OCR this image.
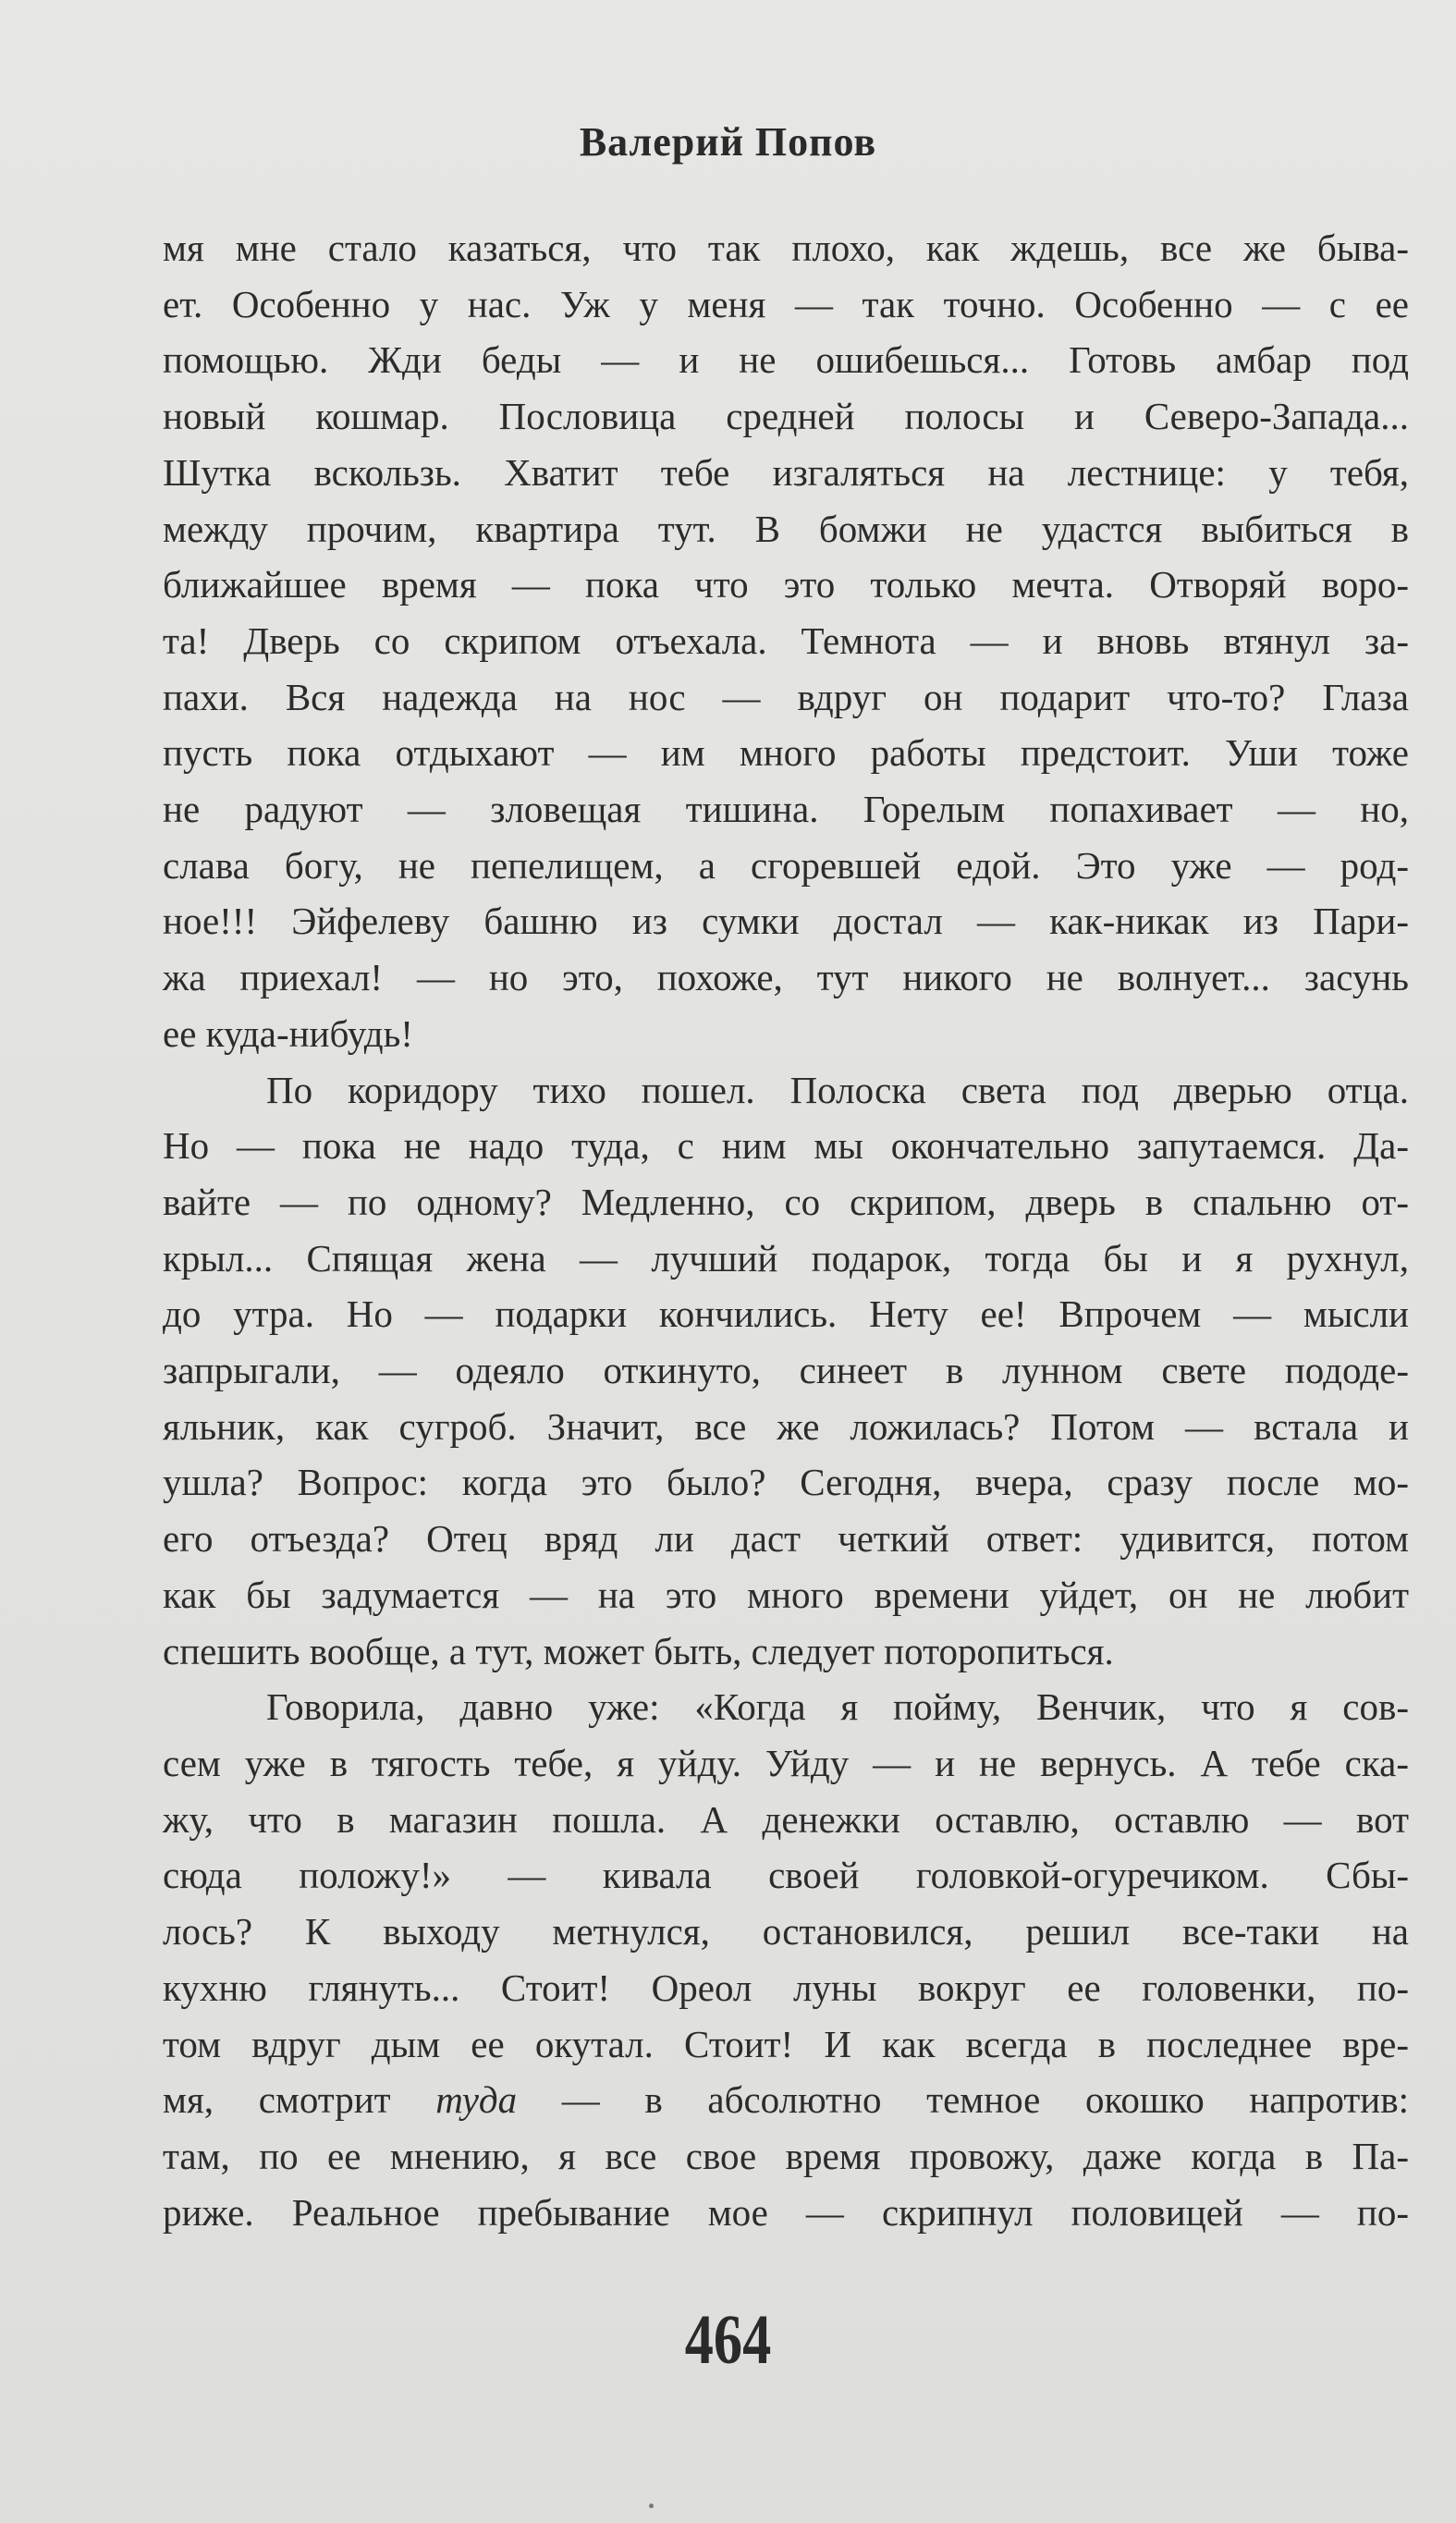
Валерий Попов

мя мне стало казаться, что так плохо, как ждешь, все же быва-
ет. Особенно у нас. Уж у меня — так точно. Особенно — с ее
помощью. Жди беды — и не ошибешься... Готовь амбар под
новый кошмар. Пословица средней полосы и Северо-Запада...
Шутка вскользь. Хватит тебе изгаляться на лестнице: у тебя,
между прочим, квартира тут. В бомжи не удастся выбиться в
ближайшее время — пока что это только мечта. Отворяй воро-
та! Дверь со скрипом отъехала. Темнота — и вновь втянул за-
пахи. Вся надежда на нос — вдруг он подарит что-то? Глаза
пусть пока отдыхают — им много работы предстоит. Уши тоже
не радуют — зловещая тишина. Горелым попахивает — но,
слава богу, не пепелищем, а сгоревшей едой. Это уже — род-
ное!!! Эйфелеву башню из сумки достал — как-никак из Пари-
жа приехал! — но это, похоже, тут никого не волнует... засунь
ее куда-нибудь!

По коридору тихо пошел. Полоска света под дверью отца.
Но — пока не надо туда, с ним мы окончательно запутаемся. Да-
вайте — по одному? Медленно, со скрипом, дверь в спальню от-
крыл... Спящая жена — лучший подарок, тогда бы и я рухнул,
до утра. Но — подарки кончились. Нету ее! Впрочем — мысли
запрыгали, — одеяло откинуто, синеет в лунном свете пододе-
яльник, как сугроб. Значит, все же ложилась? Потом — встала и
ушла? Вопрос: когда это было? Сегодня, вчера, сразу после мо-
его отъезда? Отец вряд ли даст четкий ответ: удивится, потом
как бы задумается — на это много времени уйдет, он не любит
спешить вообще, а тут, может быть, следует поторопиться.

Говорила, давно уже: «Когда я пойму, Венчик, что я сов-
сем уже в тягость тебе, я уйду. Уйду — и не вернусь. А тебе ска-
жу, что в магазин пошла. А денежки оставлю, оставлю — вот
сюда положу!» — кивала своей головкой-огуречиком. Сбы-
лось? К выходу метнулся, остановился, решил все-таки на
кухню глянуть... Стоит! Ореол луны вокруг ее головенки, по-
том вдруг дым ее окутал. Стоит! И как всегда в последнее вре-
мя, смотрит туда — в абсолютно темное окошко напротив:
там, по ее мнению, я все свое время провожу, даже когда в Па-
риже. Реальное пребывание мое — скрипнул половицей — по-

464
